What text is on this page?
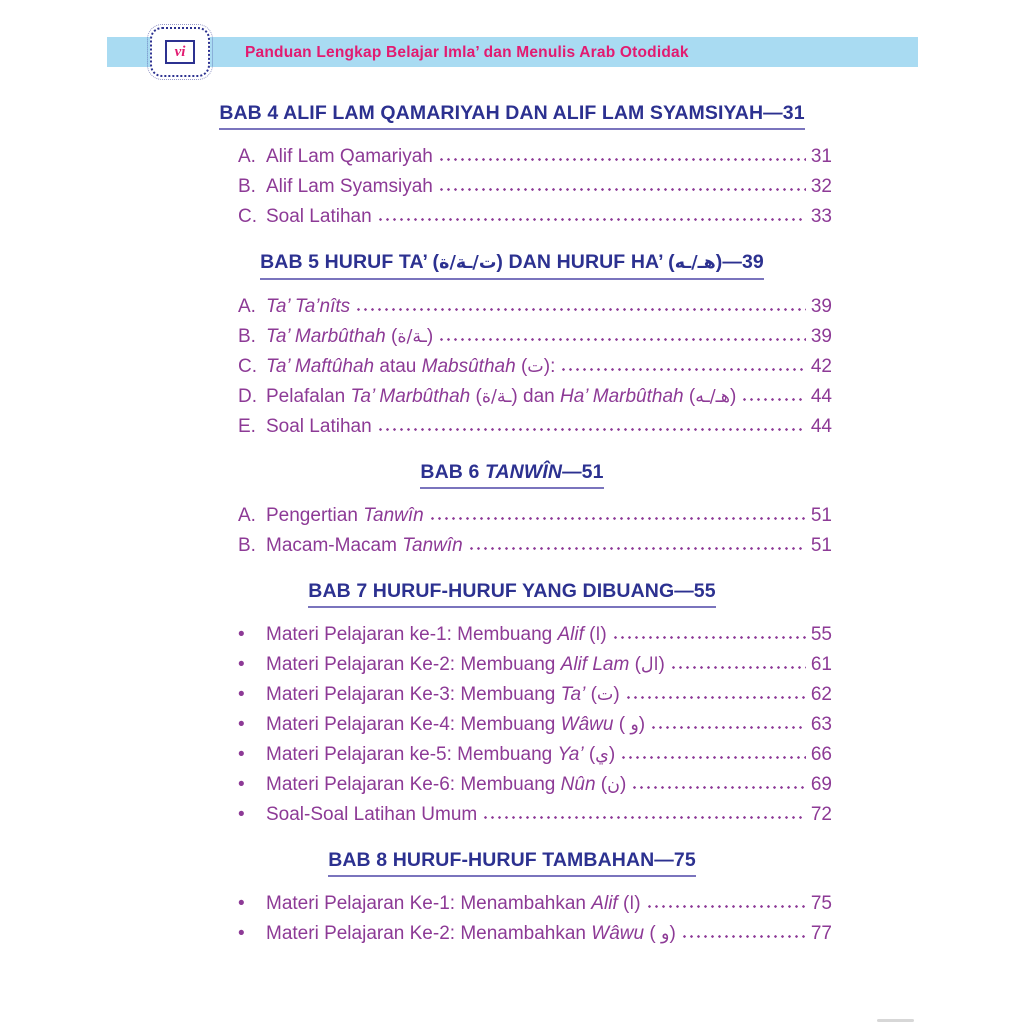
vi	Panduan Lengkap Belajar Imla’ dan Menulis Arab Otodidak
BAB 4 ALIF LAM QAMARIYAH DAN ALIF LAM SYAMSIYAH—31
A. Alif Lam Qamariyah	31
B. Alif Lam Syamsiyah	32
C. Soal Latihan	33
BAB 5 HURUF TA’ (ت/ـة/ة) DAN HURUF HA’ (هـ/ـه)—39
A. Ta’ Ta’nîts	39
B. Ta’ Marbûthah (ـة/ة)	39
C. Ta’ Maftûhah atau Mabsûthah (ت):	42
D. Pelafalan Ta’ Marbûthah (ـة/ة) dan Ha’ Marbûthah (هـ/ـه)	44
E. Soal Latihan	44
BAB 6 TANWÎN—51
A. Pengertian Tanwîn	51
B. Macam-Macam Tanwîn	51
BAB 7 HURUF-HURUF YANG DIBUANG—55
•	Materi Pelajaran ke-1: Membuang Alif (ا)	55
•	Materi Pelajaran Ke-2: Membuang Alif Lam (ال)	61
•	Materi Pelajaran Ke-3: Membuang Ta’ (ت)	62
•	Materi Pelajaran Ke-4: Membuang Wâwu ( و)	63
•	Materi Pelajaran ke-5: Membuang Ya’ (ي)	66
•	Materi Pelajaran Ke-6: Membuang Nûn (ن)	69
•	Soal-Soal Latihan Umum	72
BAB 8 HURUF-HURUF TAMBAHAN—75
•	Materi Pelajaran Ke-1: Menambahkan Alif (ا)	75
•	Materi Pelajaran Ke-2: Menambahkan Wâwu ( و)	77
